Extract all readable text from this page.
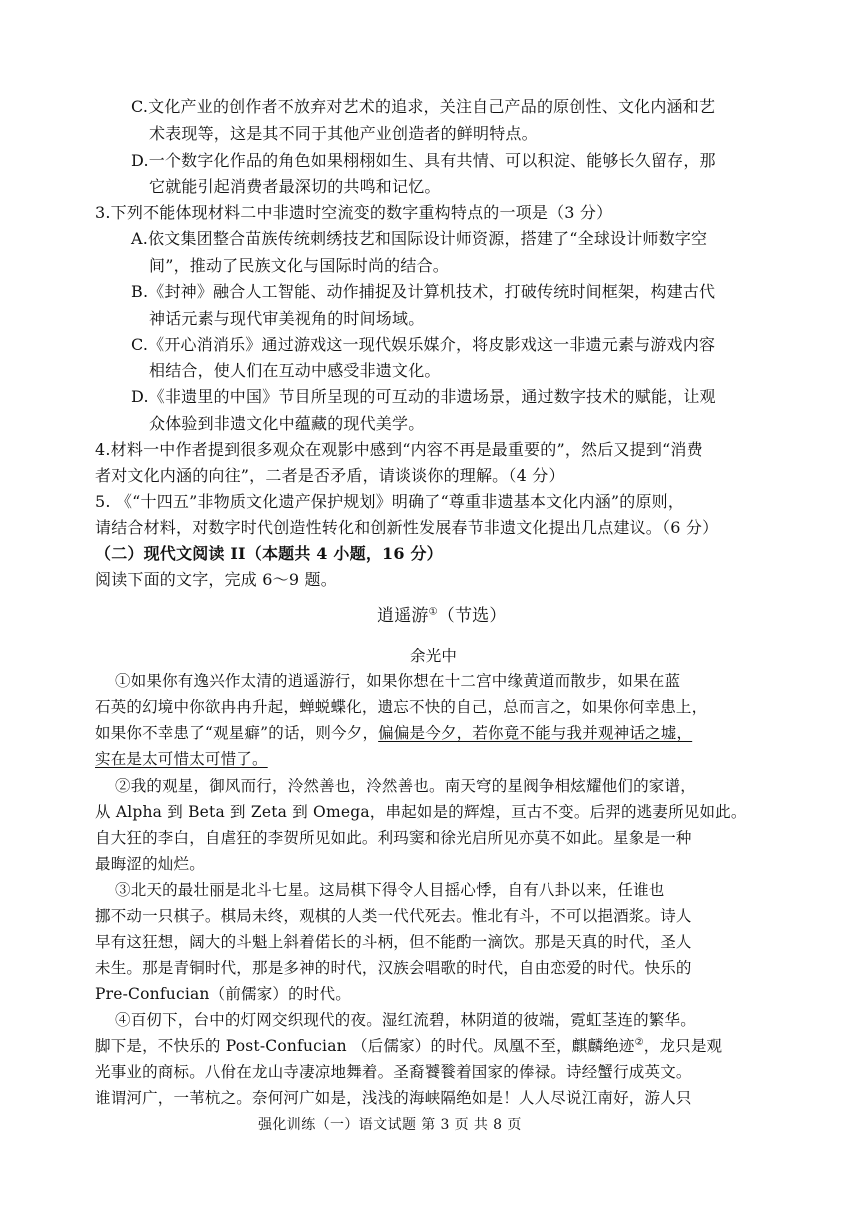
C.文化产业的创作者不放弃对艺术的追求，关注自己产品的原创性、文化内涵和艺
术表现等，这是其不同于其他产业创造者的鲜明特点。
D.一个数字化作品的角色如果栩栩如生、具有共情、可以积淀、能够长久留存，那
它就能引起消费者最深切的共鸣和记忆。
3.下列不能体现材料二中非遗时空流变的数字重构特点的一项是（3 分）
A.依文集团整合苗族传统刺绣技艺和国际设计师资源，搭建了“全球设计师数字空
间”，推动了民族文化与国际时尚的结合。
B.《封神》融合人工智能、动作捕捉及计算机技术，打破传统时间框架，构建古代
神话元素与现代审美视角的时间场域。
C.《开心消消乐》通过游戏这一现代娱乐媒介，将皮影戏这一非遗元素与游戏内容
相结合，使人们在互动中感受非遗文化。
D.《非遗里的中国》节目所呈现的可互动的非遗场景，通过数字技术的赋能，让观
众体验到非遗文化中蕴藏的现代美学。
4.材料一中作者提到很多观众在观影中感到“内容不再是最重要的”，然后又提到“消费
者对文化内涵的向往”，二者是否矛盾，请谈谈你的理解。（4 分）
5. 《“十四五”非物质文化遗产保护规划》明确了“尊重非遗基本文化内涵”的原则，
请结合材料，对数字时代创造性转化和创新性发展春节非遗文化提出几点建议。（6 分）
（二）现代文阅读 II（本题共 4 小题，16 分）
阅读下面的文字，完成 6～9 题。
逍遥游①（节选）
余光中
①如果你有逸兴作太清的逍遥游行，如果你想在十二宫中缘黄道而散步，如果在蓝
石英的幻境中你欲冉冉升起，蝉蜕蝶化，遗忘不快的自己，总而言之，如果你何幸患上，
如果你不幸患了“观星癖”的话，则今夕，偏偏是今夕，若你竟不能与我并观神话之墟，
实在是太可惜太可惜了。
②我的观星，御风而行，泠然善也，泠然善也。南天穹的星阀争相炫耀他们的家谱，
从 Alpha 到 Beta 到 Zeta 到 Omega，串起如是的辉煌，亘古不变。后羿的逃妻所见如此。
自大狂的李白，自虐狂的李贺所见如此。利玛窦和徐光启所见亦莫不如此。星象是一种
最晦涩的灿烂。
③北天的最壮丽是北斗七星。这局棋下得令人目摇心悸，自有八卦以来，任谁也
挪不动一只棋子。棋局未终，观棋的人类一代代死去。惟北有斗，不可以挹酒浆。诗人
早有这狂想，阔大的斗魁上斜着偌长的斗柄，但不能酌一滴饮。那是天真的时代，圣人
未生。那是青铜时代，那是多神的时代，汉族会唱歌的时代，自由恋爱的时代。快乐的
Pre-Confucian（前儒家）的时代。
④百仞下，台中的灯网交织现代的夜。湿红流碧，林阴道的彼端，霓虹茎连的繁华。
脚下是，不快乐的 Post-Confucian （后儒家）的时代。凤凰不至，麒麟绝迹②，龙只是观
光事业的商标。八佾在龙山寺凄凉地舞着。圣裔饕餮着国家的俸禄。诗经蟹行成英文。
谁谓河广，一苇杭之。奈何河广如是，浅浅的海峡隔绝如是！人人尽说江南好，游人只
强化训练（一）语文试题 第 3 页 共 8 页
